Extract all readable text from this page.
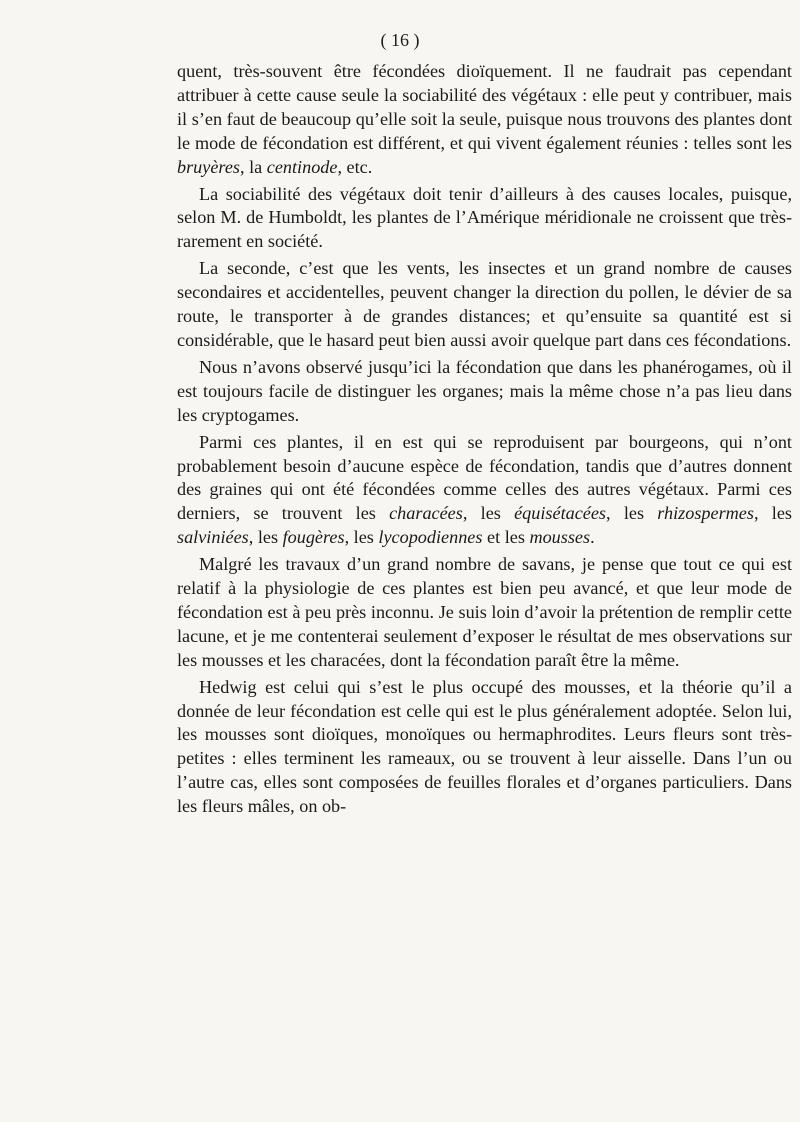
( 16 )

quent, très-souvent être fécondées dioïquement. Il ne faudrait pas cependant attribuer à cette cause seule la sociabilité des végétaux : elle peut y contribuer, mais il s’en faut de beaucoup qu’elle soit la seule, puisque nous trouvons des plantes dont le mode de fécondation est différent, et qui vivent également réunies : telles sont les bruyères, la centinode, etc.

La sociabilité des végétaux doit tenir d’ailleurs à des causes locales, puisque, selon M. de Humboldt, les plantes de l’Amérique méridionale ne croissent que très-rarement en société.

La seconde, c’est que les vents, les insectes et un grand nombre de causes secondaires et accidentelles, peuvent changer la direction du pollen, le dévier de sa route, le transporter à de grandes distances; et qu’ensuite sa quantité est si considérable, que le hasard peut bien aussi avoir quelque part dans ces fécondations.

Nous n’avons observé jusqu’ici la fécondation que dans les phanérogames, où il est toujours facile de distinguer les organes; mais la même chose n’a pas lieu dans les cryptogames.

Parmi ces plantes, il en est qui se reproduisent par bourgeons, qui n’ont probablement besoin d’aucune espèce de fécondation, tandis que d’autres donnent des graines qui ont été fécondées comme celles des autres végétaux. Parmi ces derniers, se trouvent les characées, les équisétacées, les rhizospermes, les salviniées, les fougères, les lycopodiennes et les mousses.

Malgré les travaux d’un grand nombre de savans, je pense que tout ce qui est relatif à la physiologie de ces plantes est bien peu avancé, et que leur mode de fécondation est à peu près inconnu. Je suis loin d’avoir la prétention de remplir cette lacune, et je me contenterai seulement d’exposer le résultat de mes observations sur les mousses et les characées, dont la fécondation paraît être la même.

Hedwig est celui qui s’est le plus occupé des mousses, et la théorie qu’il a donnée de leur fécondation est celle qui est le plus généralement adoptée. Selon lui, les mousses sont dioïques, monoïques ou hermaphrodites. Leurs fleurs sont très-petites : elles terminent les rameaux, ou se trouvent à leur aisselle. Dans l’un ou l’autre cas, elles sont composées de feuilles florales et d’organes particuliers. Dans les fleurs mâles, on ob-
